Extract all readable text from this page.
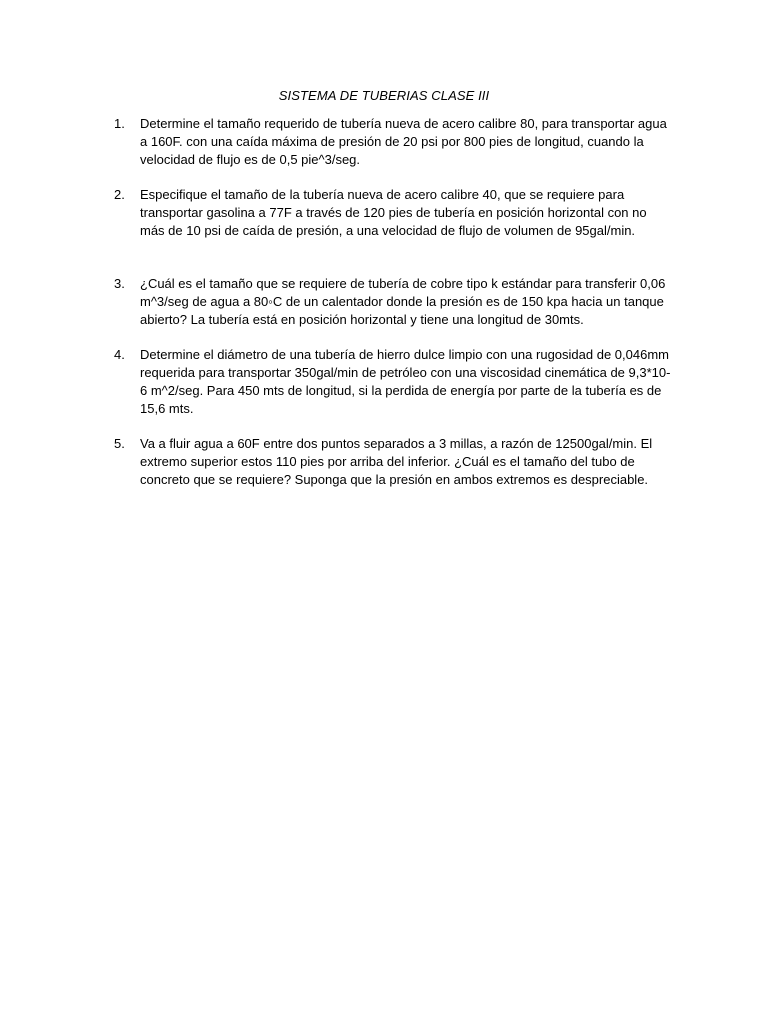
SISTEMA DE TUBERIAS CLASE III
1. Determine el tamaño requerido de tubería nueva de acero calibre 80, para transportar agua a 160F. con una caída máxima de presión de 20 psi por 800 pies de longitud, cuando la velocidad de flujo es de 0,5 pie^3/seg.
2. Especifique el tamaño de la tubería nueva de acero calibre 40, que se requiere para transportar gasolina a 77F a través de 120 pies de tubería en posición horizontal con no más de 10 psi de caída de presión, a una velocidad de flujo de volumen de 95gal/min.
3. ¿Cuál es el tamaño que se requiere de tubería de cobre tipo k estándar para transferir 0,06 m^3/seg de agua a 80◦C de un calentador donde la presión es de 150 kpa hacia un tanque abierto? La tubería está en posición horizontal y tiene una longitud de 30mts.
4. Determine el diámetro de una tubería de hierro dulce limpio con una rugosidad de 0,046mm requerida para transportar 350gal/min de petróleo con una viscosidad cinemática de 9,3*10-6 m^2/seg. Para 450 mts de longitud, si la perdida de energía por parte de la tubería es de 15,6 mts.
5. Va a fluir agua a 60F entre dos puntos separados a 3 millas, a razón de 12500gal/min. El extremo superior estos 110 pies por arriba del inferior. ¿Cuál es el tamaño del tubo de concreto que se requiere? Suponga que la presión en ambos extremos es despreciable.
